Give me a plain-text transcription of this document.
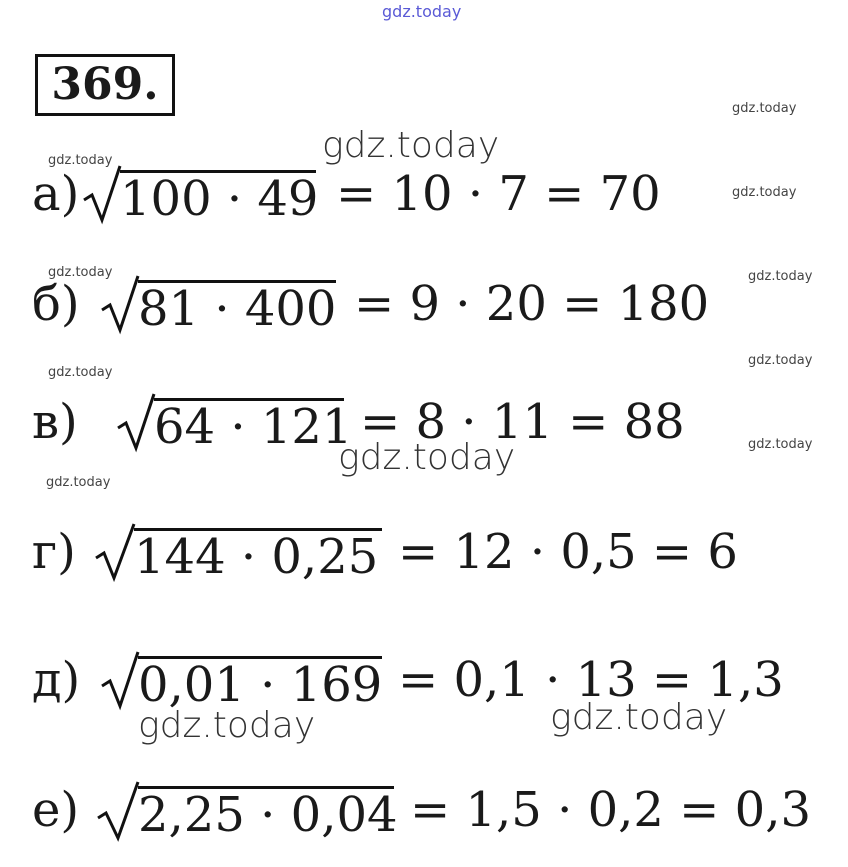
gdz.today
gdz.today
gdz.today
gdz.today
gdz.today	gdz.today
gdz.today
gdz.today
gdz.today
gdz.today
gdz.today
gdz.today
gdz.today	gdz.today
369.
а) 100 · 49 = 10 · 7 = 70
б) 81 · 400 = 9 · 20 = 180
в) 64 · 121 = 8 · 11 = 88
г) 144 · 0,25 = 12 · 0,5 = 6
д) 0,01 · 169 = 0,1 · 13 = 1,3
е) 2,25 · 0,04 = 1,5 · 0,2 = 0,3
